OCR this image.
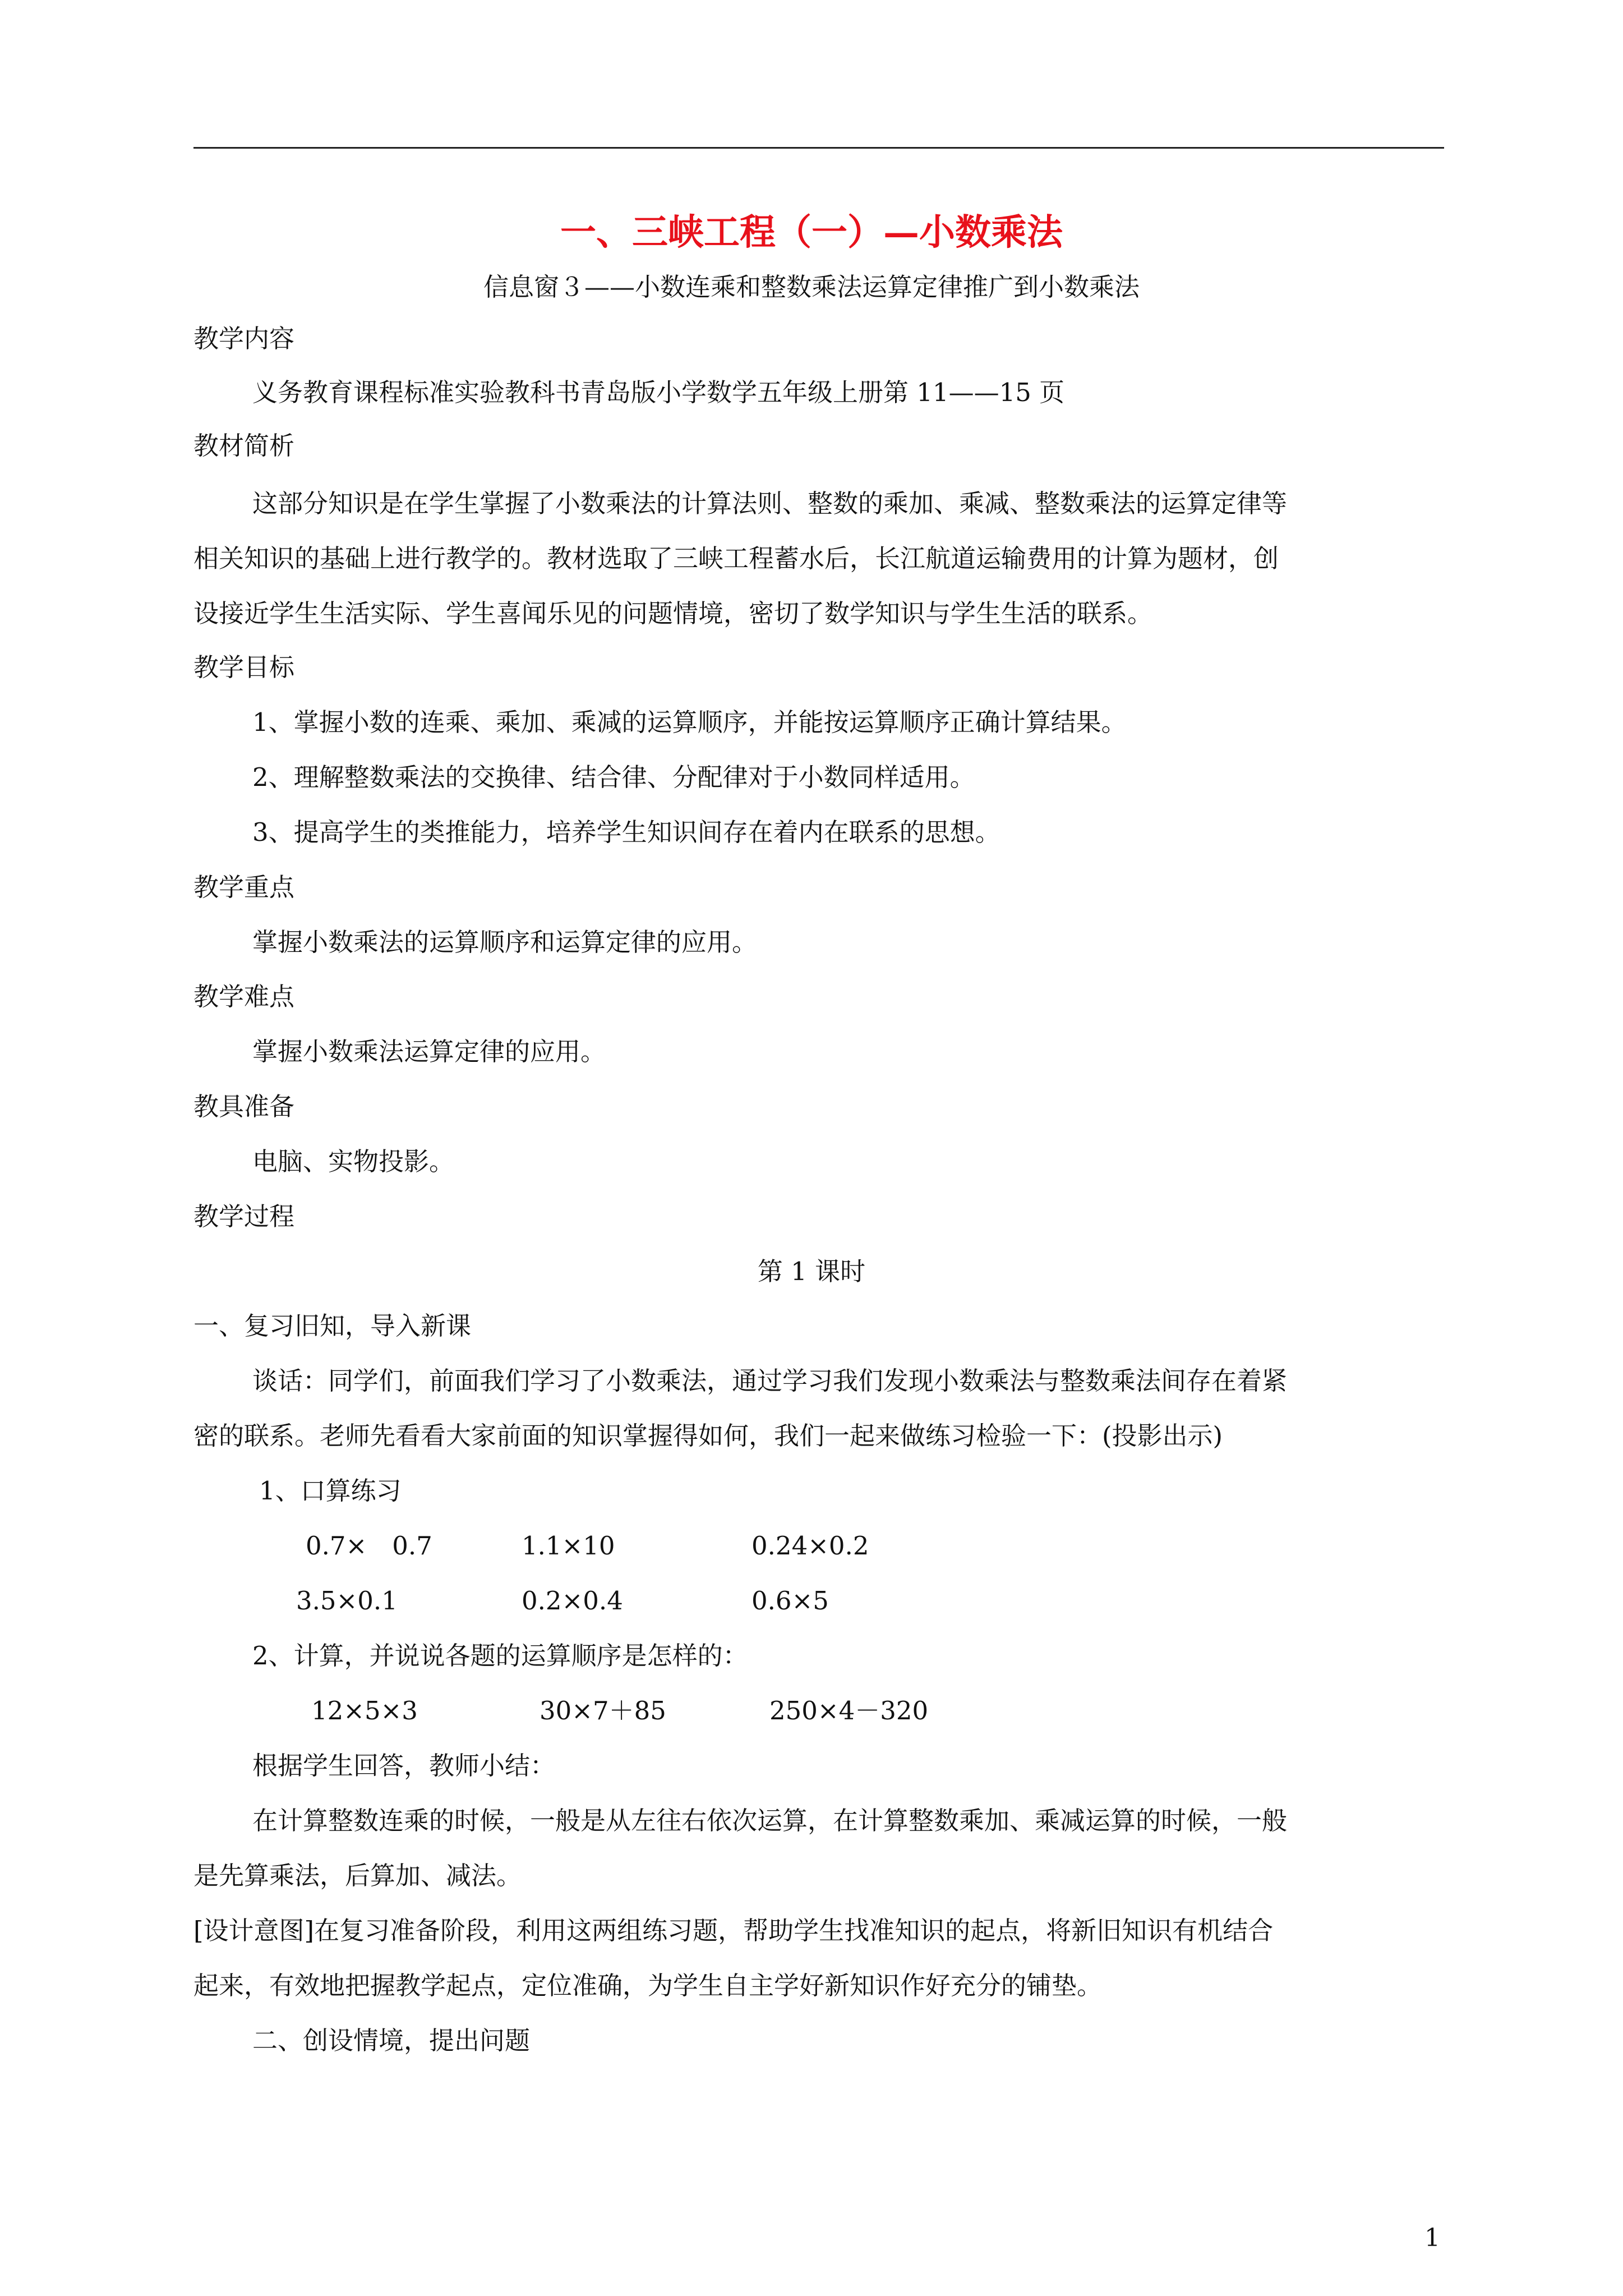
一、三峡工程（一）—小数乘法
信息窗３——小数连乘和整数乘法运算定律推广到小数乘法
教学内容
义务教育课程标准实验教科书青岛版小学数学五年级上册第 11——15 页
教材简析
这部分知识是在学生掌握了小数乘法的计算法则、整数的乘加、乘减、整数乘法的运算定律等
相关知识的基础上进行教学的。教材选取了三峡工程蓄水后，长江航道运输费用的计算为题材，创
设接近学生生活实际、学生喜闻乐见的问题情境，密切了数学知识与学生生活的联系。
教学目标
1、掌握小数的连乘、乘加、乘减的运算顺序，并能按运算顺序正确计算结果。
2、理解整数乘法的交换律、结合律、分配律对于小数同样适用。
3、提高学生的类推能力，培养学生知识间存在着内在联系的思想。
教学重点
掌握小数乘法的运算顺序和运算定律的应用。
教学难点
掌握小数乘法运算定律的应用。
教具准备
电脑、实物投影。
教学过程
第 1 课时
一、复习旧知，导入新课
谈话：同学们，前面我们学习了小数乘法，通过学习我们发现小数乘法与整数乘法间存在着紧
密的联系。老师先看看大家前面的知识掌握得如何，我们一起来做练习检验一下：(投影出示)
1、口算练习
0.7×　0.7	1.1×10	0.24×0.2
3.5×0.1	0.2×0.4	0.6×5
2、计算，并说说各题的运算顺序是怎样的：
12×5×3	30×7＋85	250×4－320
根据学生回答，教师小结：
在计算整数连乘的时候，一般是从左往右依次运算，在计算整数乘加、乘减运算的时候，一般
是先算乘法，后算加、减法。
[设计意图]在复习准备阶段，利用这两组练习题，帮助学生找准知识的起点，将新旧知识有机结合
起来，有效地把握教学起点，定位准确，为学生自主学好新知识作好充分的铺垫。
二、创设情境，提出问题
1
